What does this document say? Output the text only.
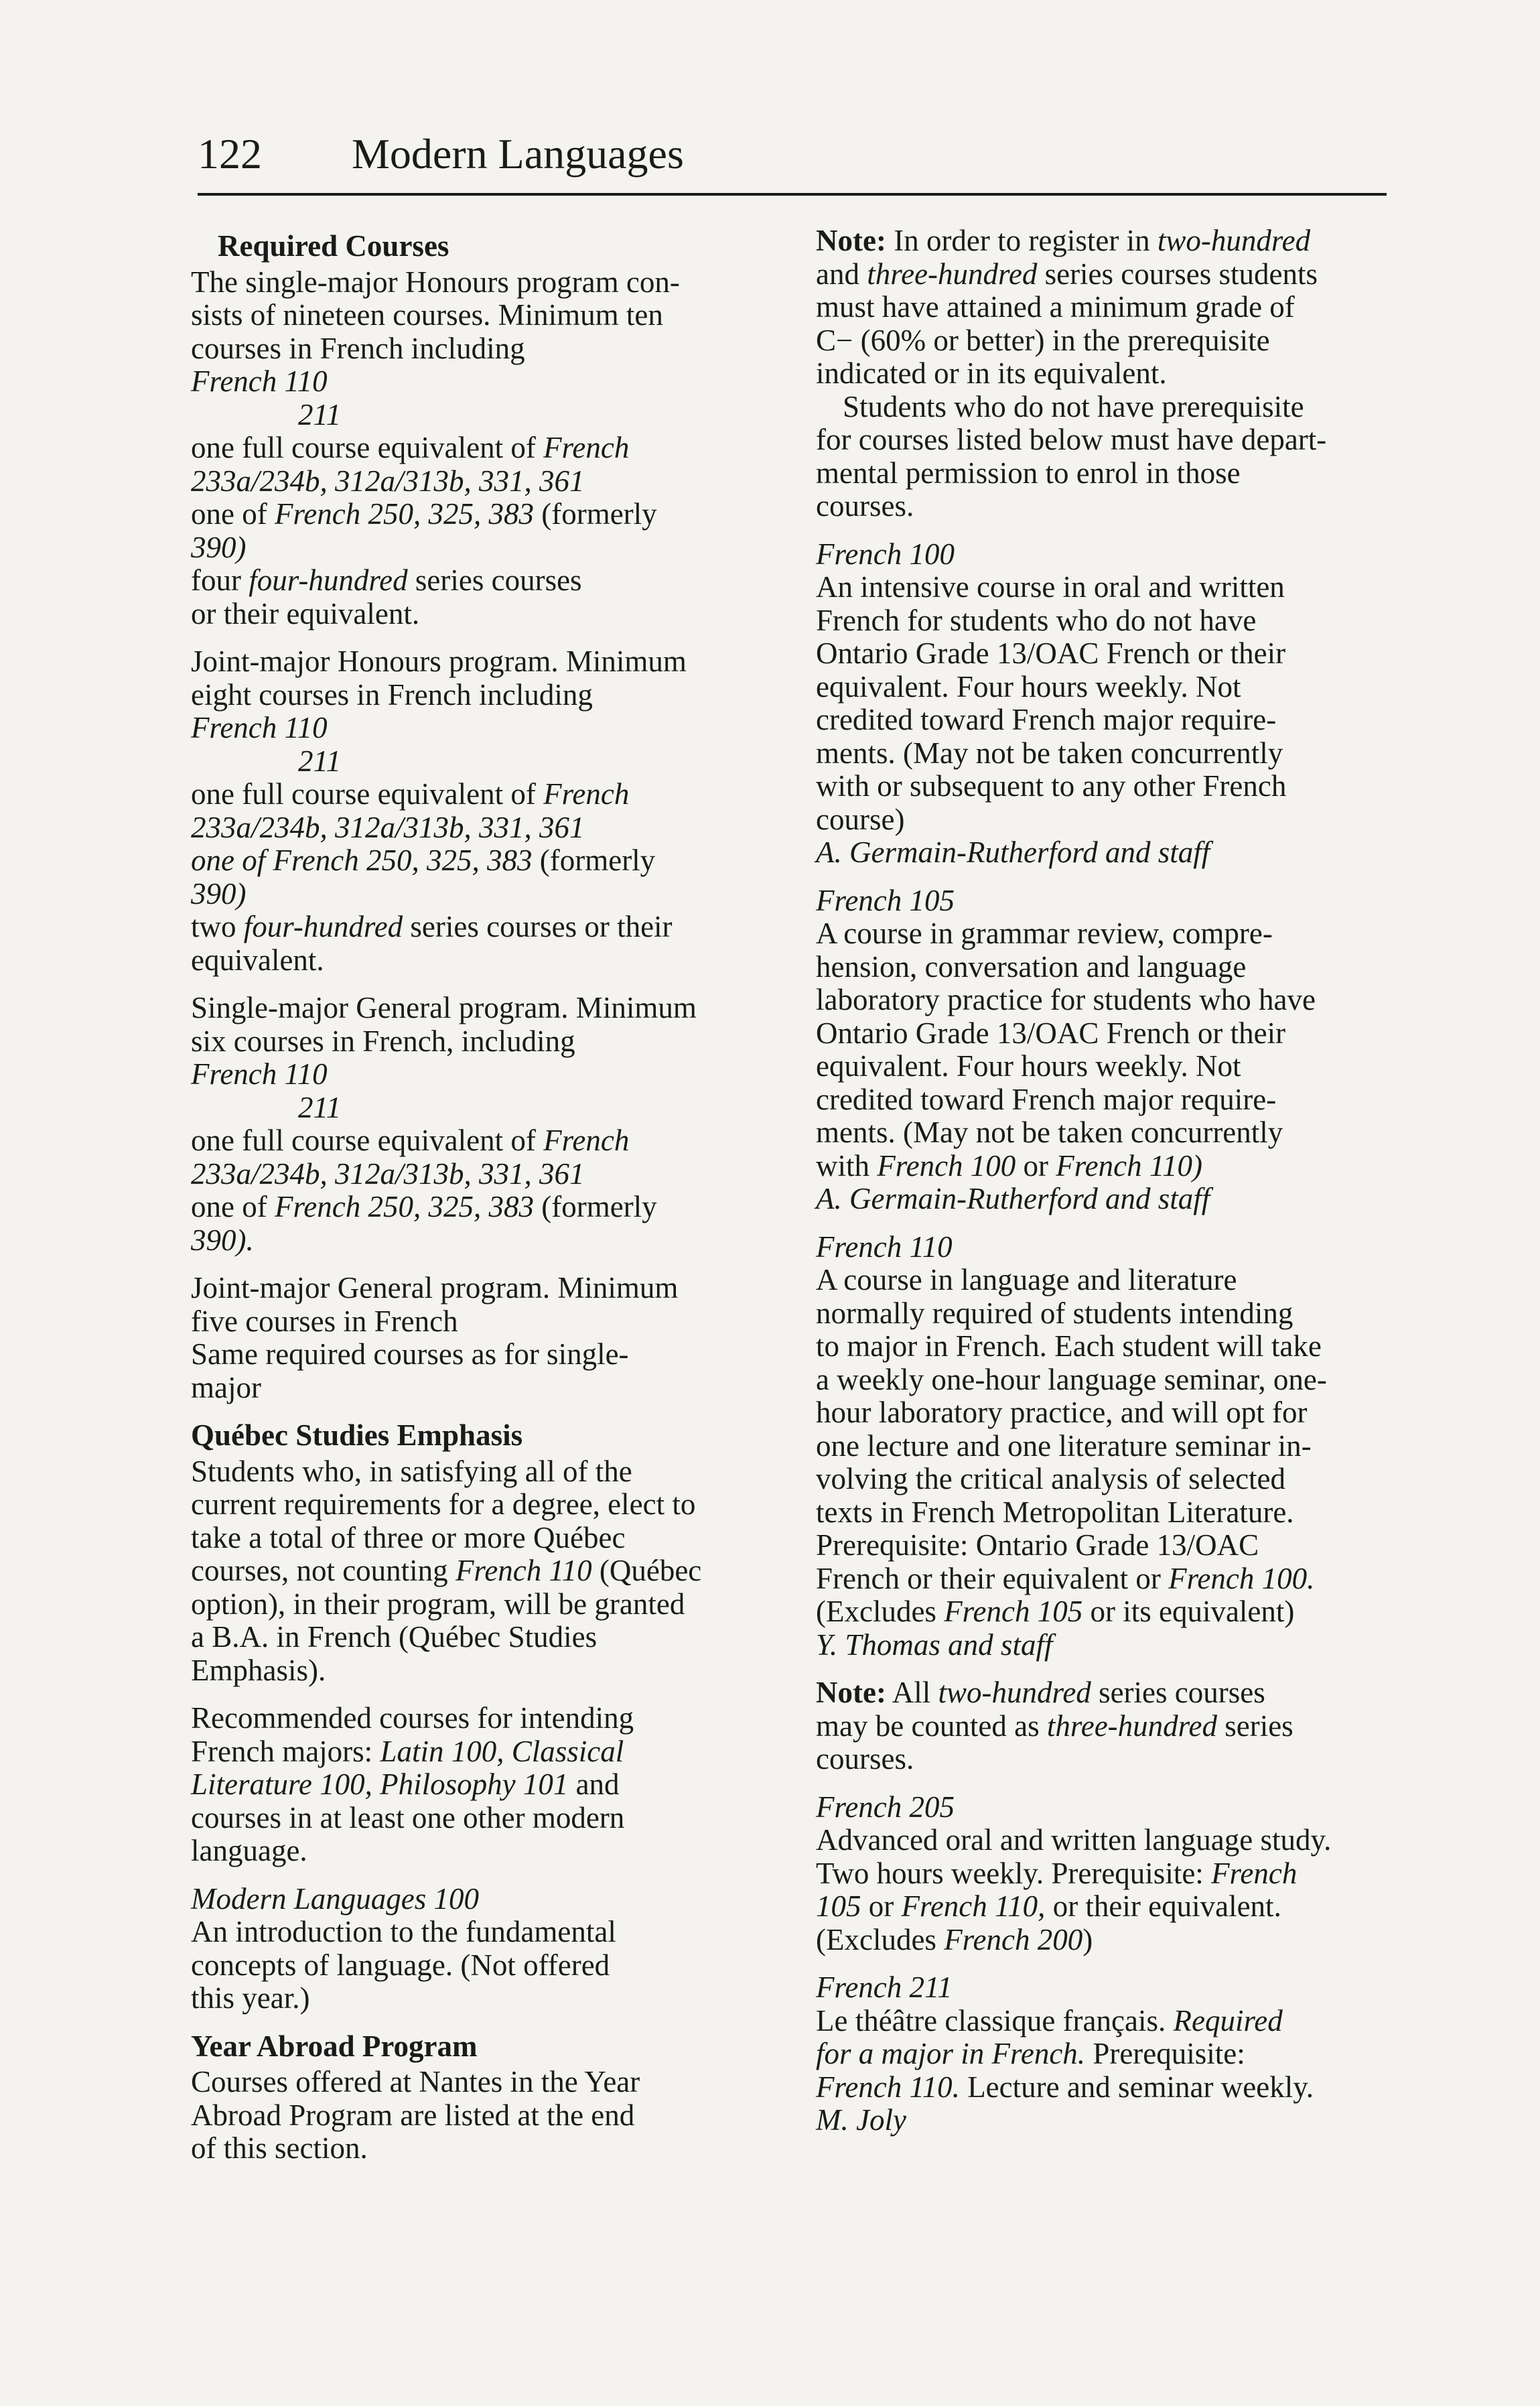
122 Modern Languages
Required Courses
The single-major Honours program con-
sists of nineteen courses. Minimum ten
courses in French including
French 110
211
one full course equivalent of French
233a/234b, 312a/313b, 331, 361
one of French 250, 325, 383 (formerly
390)
four four-hundred series courses
or their equivalent.
Joint-major Honours program. Minimum
eight courses in French including
French 110
211
one full course equivalent of French
233a/234b, 312a/313b, 331, 361
one of French 250, 325, 383 (formerly
390)
two four-hundred series courses or their
equivalent.
Single-major General program. Minimum
six courses in French, including
French 110
211
one full course equivalent of French
233a/234b, 312a/313b, 331, 361
one of French 250, 325, 383 (formerly
390).
Joint-major General program. Minimum
five courses in French
Same required courses as for single-
major
Québec Studies Emphasis
Students who, in satisfying all of the
current requirements for a degree, elect to
take a total of three or more Québec
courses, not counting French 110 (Québec
option), in their program, will be granted
a B.A. in French (Québec Studies
Emphasis).
Recommended courses for intending
French majors: Latin 100, Classical
Literature 100, Philosophy 101 and
courses in at least one other modern
language.
Modern Languages 100
An introduction to the fundamental
concepts of language. (Not offered
this year.)
Year Abroad Program
Courses offered at Nantes in the Year
Abroad Program are listed at the end
of this section.
Note: In order to register in two-hundred
and three-hundred series courses students
must have attained a minimum grade of
C− (60% or better) in the prerequisite
indicated or in its equivalent.
Students who do not have prerequisite
for courses listed below must have depart-
mental permission to enrol in those
courses.
French 100
An intensive course in oral and written
French for students who do not have
Ontario Grade 13/OAC French or their
equivalent. Four hours weekly. Not
credited toward French major require-
ments. (May not be taken concurrently
with or subsequent to any other French
course)
A. Germain-Rutherford and staff
French 105
A course in grammar review, compre-
hension, conversation and language
laboratory practice for students who have
Ontario Grade 13/OAC French or their
equivalent. Four hours weekly. Not
credited toward French major require-
ments. (May not be taken concurrently
with French 100 or French 110)
A. Germain-Rutherford and staff
French 110
A course in language and literature
normally required of students intending
to major in French. Each student will take
a weekly one-hour language seminar, one-
hour laboratory practice, and will opt for
one lecture and one literature seminar in-
volving the critical analysis of selected
texts in French Metropolitan Literature.
Prerequisite: Ontario Grade 13/OAC
French or their equivalent or French 100.
(Excludes French 105 or its equivalent)
Y. Thomas and staff
Note: All two-hundred series courses
may be counted as three-hundred series
courses.
French 205
Advanced oral and written language study.
Two hours weekly. Prerequisite: French
105 or French 110, or their equivalent.
(Excludes French 200)
French 211
Le théâtre classique français. Required
for a major in French. Prerequisite:
French 110. Lecture and seminar weekly.
M. Joly
